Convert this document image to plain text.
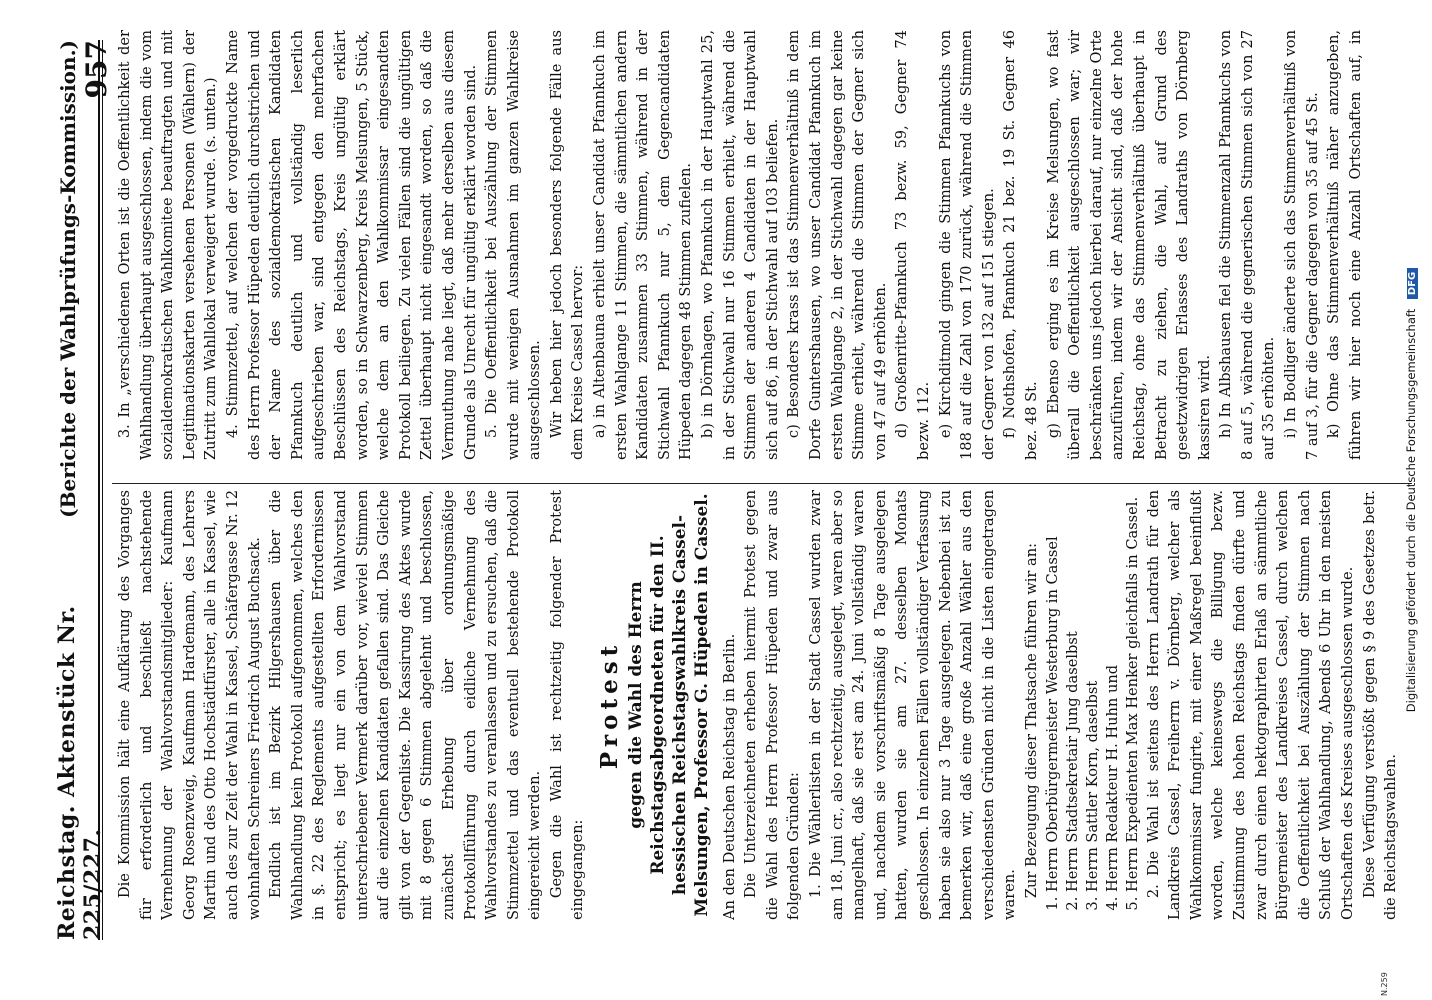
Reichstag. Aktenstück Nr. 225/227.
(Berichte der Wahlprüfungs-Kommission.) 957

Die Kommission hält eine Aufklärung des Vorganges für erforderlich und beschließt nachstehende Vernehmung der Wahlvorstandsmitglieder: Kaufmann Georg Rosenzweig, Kaufmann Hardemann, des Lehrers Martin und des Otto Hochstädtfürster, alle in Kassel, wie auch des zur Zeit der Wahl in Kassel, Schäfergasse Nr. 12 wohnhaften Schreiners Friedrich August Buchsack. Endlich ist im Bezirk Hilgershausen über die Wahlhandlung kein Protokoll aufgenommen, welches den in §. 22 des Reglements aufgestellten Erfordernissen entspricht; es liegt nur ein von dem Wahlvorstand unterschriebener Vermerk darüber vor, wieviel Stimmen auf die einzelnen Kandidaten gefallen sind. Das Gleiche gilt von der Gegenliste. Die Kassirung des Aktes wurde mit 8 gegen 6 Stimmen abgelehnt und beschlossen, zunächst Erhebung über ordnungsmäßige Protokollführung durch eidliche Vernehmung des Wahlvorstandes zu veranlassen und zu ersuchen, daß die Stimmzettel und das eventuell bestehende Protokoll eingereicht werden. Gegen die Wahl ist rechtzeitig folgender Protest eingegangen:

Protest gegen die Wahl des Herrn Reichstagsabgeordneten für den II. hessischen Reichstagswahlkreis Cassel-Melsungen, Professor G. Hüpeden in Cassel. An den Deutschen Reichstag in Berlin. Die Unterzeichneten erheben hiermit Protest gegen die Wahl des Herrn Professor Hüpeden und zwar aus folgenden Gründen: 1. Die Wählerlisten in der Stadt Cassel wurden zwar am 18. Juni cr., also rechtzeitig, ausgelegt, waren aber so mangelhaft, daß sie erst am 24. Juni vollständig waren und, nachdem sie vorschriftsmäßig 8 Tage ausgelegen hatten, wurden sie am 27. desselben Monats geschlossen. In einzelnen Fällen vollständiger Verfassung haben sie also nur 3 Tage ausgelegen. Nebenbei ist zu bemerken wir, daß eine große Anzahl Wähler aus den verschiedensten Gründen nicht in die Listen eingetragen waren. Zur Bezeugung dieser Thatsache führen wir an: 1. Herrn Oberbürgermeister Westerburg in Cassel 2. Herrn Stadtsekretair Jung daselbst 3. Herrn Sattler Korn, daselbst 4. Herrn Redakteur H. Huhn und 5. Herrn Expedienten Max Henker gleichfalls in Cassel. 2. Die Wahl ist seitens des Herrn Landrath für den Landkreis Cassel, Freiherrn v. Dörnberg, welcher als Wahlkommissar fungirte, mit einer Maßregel beeinflußt worden, welche keineswegs die Billigung bezw. Zustimmung des hohen Reichstags finden dürfte und zwar durch einen hektographirten Erlaß an sämmtliche Bürgermeister des Landkreises Cassel, durch welchen die Oeffentlichkeit bei Auszählung der Stimmen nach Schluß der Wahlhandlung, Abends 6 Uhr in den meisten Ortschaften des Kreises ausgeschlossen wurde. Diese Verfügung verstößt gegen § 9 des Gesetzes betr. die Reichstagswahlen.

3. In „verschiedenen Orten ist die Oeffentlichkeit der Wahlhandlung überhaupt ausgeschlossen, indem die vom sozialdemokratischen Wahlkomitee beauftragten und mit Legitimationskarten versehenen Personen (Wählern) der Zutritt zum Wahllokal verweigert wurde. (s. unten.) 4. Stimmzettel, auf welchen der vorgedruckte Name des Herrn Professor Hüpeden deutlich durchstrichen und der Name des sozialdemokratischen Kandidaten Pfannkuch deutlich und vollständig leserlich aufgeschrieben war, sind entgegen den mehrfachen Beschlüssen des Reichstags, Kreis ungültig erklärt worden, so in Schwarzenberg, Kreis Melsungen, 5 Stück, welche dem an den Wahlkommissar eingesandten Protokoll beiliegen. Zu vielen Fällen sind die ungültigen Zettel überhaupt nicht eingesandt worden, so daß die Vermuthung nahe liegt, daß mehr derselben aus diesem Grunde als Unrecht für ungültig erklärt worden sind. 5. Die Oeffentlichkeit bei Auszählung der Stimmen wurde mit wenigen Ausnahmen im ganzen Wahlkreise ausgeschlossen. Wir heben hier jedoch besonders folgende Fälle aus dem Kreise Cassel hervor: a) in Altenbauna erhielt unser Candidat Pfannkuch im ersten Wahlgange 11 Stimmen, die sämmtlichen andern Kandidaten zusammen 33 Stimmen, während in der Stichwahl Pfannkuch nur 5, dem Gegencandidaten Hüpeden dagegen 48 Stimmen zufielen. b) in Dörnhagen, wo Pfannkuch in der Hauptwahl 25, in der Stichwahl nur 16 Stimmen erhielt, während die Stimmen der anderen 4 Candidaten in der Hauptwahl sich auf 86, in der Stichwahl auf 103 beliefen. c) Besonders krass ist das Stimmenverhältniß in dem Dorfe Guntershausen, wo unser Candidat Pfannkuch im ersten Wahlgange 2, in der Stichwahl dagegen gar keine Stimme erhielt, während die Stimmen der Gegner sich von 47 auf 49 erhöhten. d) Großenritte-Pfannkuch 73 bezw. 59, Gegner 74 bezw. 112. e) Kirchditmold gingen die Stimmen Pfannkuchs von 188 auf die Zahl von 170 zurück, während die Stimmen der Gegner von 132 auf 151 stiegen. f) Nothshofen, Pfannkuch 21 bez. 19 St. Gegner 46 bez. 48 St. g) Ebenso erging es im Kreise Melsungen, wo fast überall die Oeffentlichkeit ausgeschlossen war; wir beschränken uns jedoch hierbei darauf, nur einzelne Orte anzuführen, indem wir der Ansicht sind, daß der hohe Reichstag, ohne das Stimmenverhältniß überhaupt in Betracht zu ziehen, die Wahl, auf Grund des gesetzwidrigen Erlasses des Landraths von Dörnberg kassiren wird. h) In Albshausen fiel die Stimmenzahl Pfannkuchs von 8 auf 5, während die gegnerischen Stimmen sich von 27 auf 35 erhöhten. i) In Bodliger änderte sich das Stimmenverhältniß von 7 auf 3, für die Gegner dagegen von 35 auf 45 St. k) Ohne das Stimmenverhältniß näher anzugeben, führen wir hier noch eine Anzahl Ortschaften auf, in

Digitalisierung gefördert durch die Deutsche Forschungsgemeinschaft DFG
N.259
